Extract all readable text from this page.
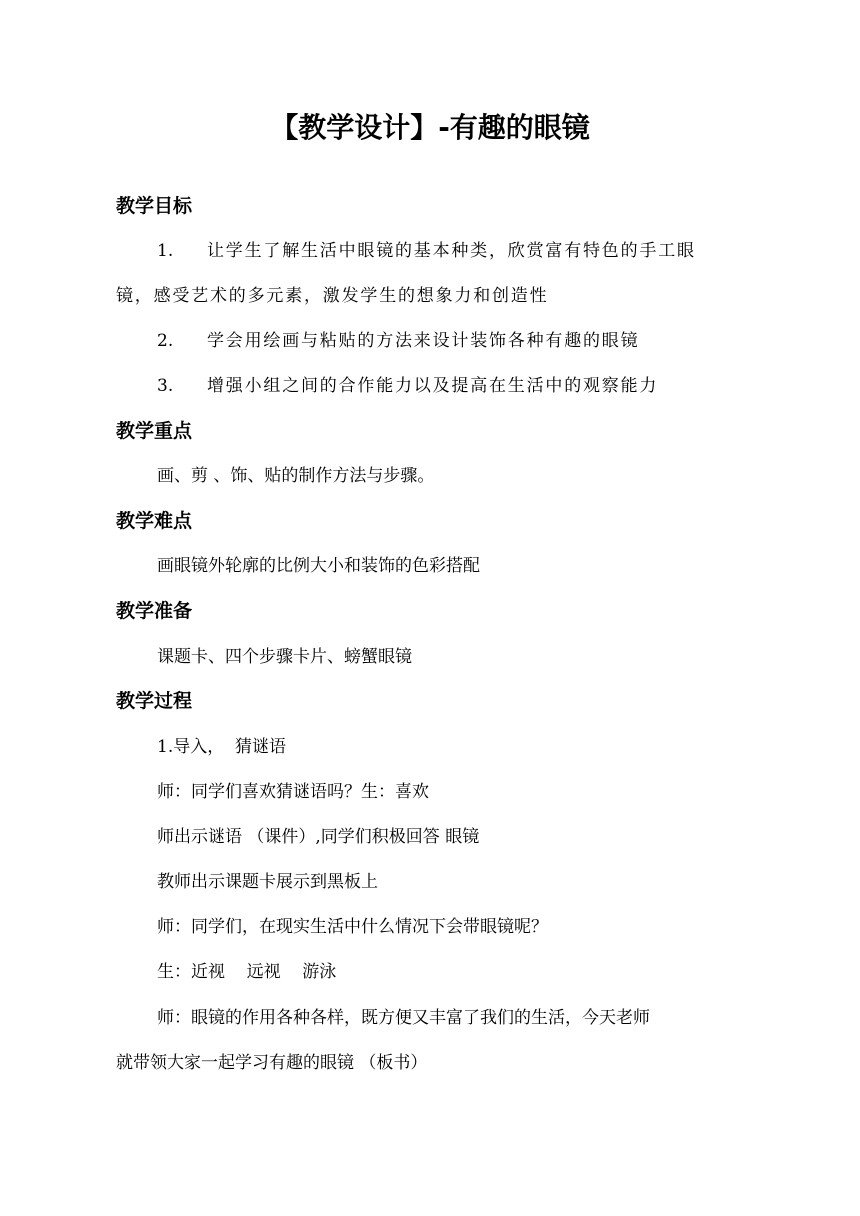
【教学设计】-有趣的眼镜
教学目标
1. 让学生了解生活中眼镜的基本种类，欣赏富有特色的手工眼
镜，感受艺术的多元素，激发学生的想象力和创造性
2. 学会用绘画与粘贴的方法来设计装饰各种有趣的眼镜
3. 增强小组之间的合作能力以及提高在生活中的观察能力
教学重点
画、剪 、饰、贴的制作方法与步骤。
教学难点
画眼镜外轮廓的比例大小和装饰的色彩搭配
教学准备
课题卡、四个步骤卡片、螃蟹眼镜
教学过程
1.导入，  猜谜语
师：同学们喜欢猜谜语吗？生：喜欢
师出示谜语 （课件）,同学们积极回答 眼镜
教师出示课题卡展示到黑板上
师：同学们，在现实生活中什么情况下会带眼镜呢？
生：近视    远视    游泳
师：眼镜的作用各种各样，既方便又丰富了我们的生活，今天老师
就带领大家一起学习有趣的眼镜 （板书）
